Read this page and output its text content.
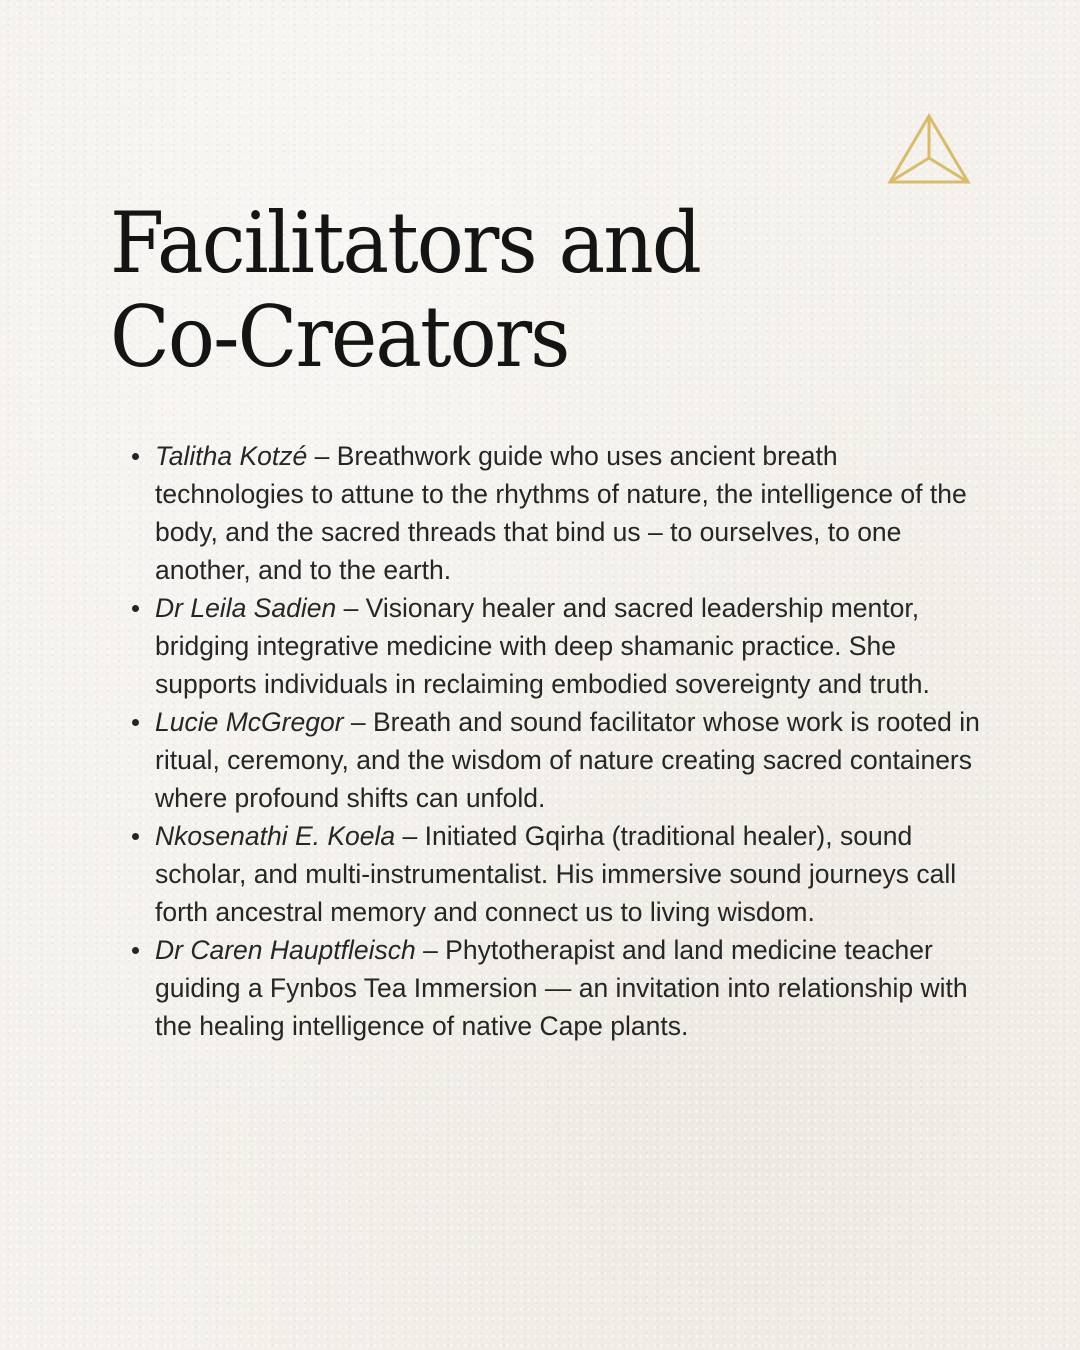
Facilitators and
Co-Creators
Talitha Kotzé – Breathwork guide who uses ancient breath technologies to attune to the rhythms of nature, the intelligence of the body, and the sacred threads that bind us – to ourselves, to one another, and to the earth.
Dr Leila Sadien – Visionary healer and sacred leadership mentor, bridging integrative medicine with deep shamanic practice. She supports individuals in reclaiming embodied sovereignty and truth.
Lucie McGregor – Breath and sound facilitator whose work is rooted in ritual, ceremony, and the wisdom of nature creating sacred containers where profound shifts can unfold.
Nkosenathi E. Koela – Initiated Gqirha (traditional healer), sound scholar, and multi-instrumentalist. His immersive sound journeys call forth ancestral memory and connect us to living wisdom.
Dr Caren Hauptfleisch – Phytotherapist and land medicine teacher guiding a Fynbos Tea Immersion — an invitation into relationship with the healing intelligence of native Cape plants.
